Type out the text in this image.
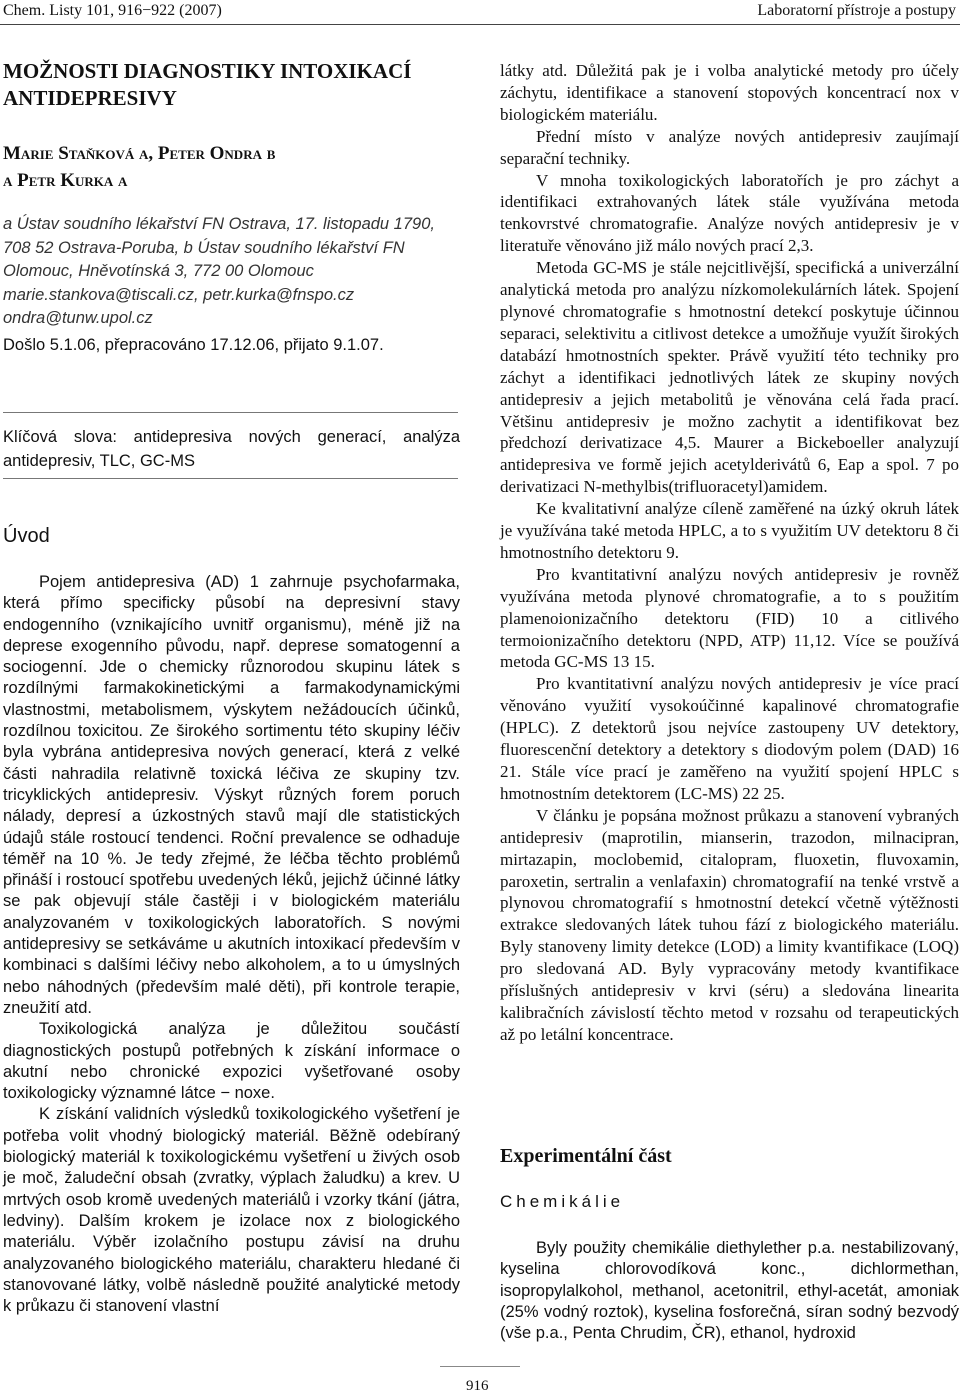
Chem. Listy 101, 916−922 (2007)	Laboratorní přístroje a postupy
MOŽNOSTI DIAGNOSTIKY INTOXIKACÍ ANTIDEPRESIVY
Marie Staňková a, Peter Ondra b
a Petr Kurka a
a Ústav soudního lékařství FN Ostrava, 17. listopadu 1790, 708 52 Ostrava-Poruba, b Ústav soudního lékařství FN Olomouc, Hněvotínská 3, 772 00 Olomouc marie.stankova@tiscali.cz, petr.kurka@fnspo.cz ondra@tunw.upol.cz
Došlo 5.1.06, přepracováno 17.12.06, přijato 9.1.07.
Klíčová slova: antidepresiva nových generací, analýza antidepresiv, TLC, GC-MS
Úvod

Pojem antidepresiva (AD) 1 zahrnuje psychofarmaka, která přímo specificky působí na depresivní stavy endogenního (vznikajícího uvnitř organismu), méně již na deprese exogenního původu, např. deprese somatogenní a sociogenní. Jde o chemicky různorodou skupinu látek s rozdílnými farmakokinetickými a farmakodynamickými vlastnostmi, metabolismem, výskytem nežádoucích účinků, rozdílnou toxicitou. Ze širokého sortimentu této skupiny léčiv byla vybrána antidepresiva nových generací, která z velké části nahradila relativně toxická léčiva ze skupiny tzv. tricyklických antidepresiv. Výskyt různých forem poruch nálady, depresí a úzkostných stavů mají dle statistických údajů stále rostoucí tendenci. Roční prevalence se odhaduje téměř na 10 %. Je tedy zřejmé, že léčba těchto problémů přináší i rostoucí spotřebu uvedených léků, jejichž účinné látky se pak objevují stále častěji i v biologickém materiálu analyzovaném v toxikologických laboratořích. S novými antidepresivy se setkáváme u akutních intoxikací především v kombinaci s dalšími léčivy nebo alkoholem, a to u úmyslných nebo náhodných (především malé děti), při kontrole terapie, zneužití atd.

Toxikologická analýza je důležitou součástí diagnostických postupů potřebných k získání informace o akutní nebo chronické expozici vyšetřované osoby toxikologicky významné látce − noxe.

K získání validních výsledků toxikologického vyšetření je potřeba volit vhodný biologický materiál. Běžně odebíraný biologický materiál k toxikologickému vyšetření u živých osob je moč, žaludeční obsah (zvratky, výplach žaludku) a krev. U mrtvých osob kromě uvedených materiálů i vzorky tkání (játra, ledviny). Dalším krokem je izolace nox z biologického materiálu. Výběr izolačního postupu závisí na druhu analyzovaného biologického materiálu, charakteru hledané či stanovované látky, volbě následně použité analytické metody k průkazu či stanovení vlastní

látky atd. Důležitá pak je i volba analytické metody pro účely záchytu, identifikace a stanovení stopových koncentrací nox v biologickém materiálu.

Přední místo v analýze nových antidepresiv zaujímají separační techniky.

V mnoha toxikologických laboratořích je pro záchyt a identifikaci extrahovaných látek stále využívána metoda tenkovrstvé chromatografie. Analýze nových antidepresiv je v literatuře věnováno již málo nových prací 2,3.

Metoda GC-MS je stále nejcitlivější, specifická a univerzální analytická metoda pro analýzu nízkomolekulárních látek. Spojení plynové chromatografie s hmotnostní detekcí poskytuje účinnou separaci, selektivitu a citlivost detekce a umožňuje využít širokých databází hmotnostních spekter. Právě využití této techniky pro záchyt a identifikaci jednotlivých látek ze skupiny nových antidepresiv a jejich metabolitů je věnována celá řada prací. Většinu antidepresiv je možno zachytit a identifikovat bez předchozí derivatizace 4,5. Maurer a Bickeboeller analyzují antidepresiva ve formě jejich acetylderivátů 6, Eap a spol. 7 po derivatizaci N-methylbis(trifluoracetyl)amidem.

Ke kvalitativní analýze cíleně zaměřené na úzký okruh látek je využívána také metoda HPLC, a to s využitím UV detektoru 8 či hmotnostního detektoru 9.

Pro kvantitativní analýzu nových antidepresiv je rovněž využívána metoda plynové chromatografie, a to s použitím plamenoionizačního detektoru (FID) 10 a citlivého termoionizačního detektoru (NPD, ATP) 11,12. Více se používá metoda GC-MS 13 15.

Pro kvantitativní analýzu nových antidepresiv je více prací věnováno využití vysokoúčinné kapalinové chromatografie (HPLC). Z detektorů jsou nejvíce zastoupeny UV detektory, fluorescenční detektory a detektory s diodovým polem (DAD) 16 21. Stále více prací je zaměřeno na využití spojení HPLC s hmotnostním detektorem (LC-MS) 22 25.

V článku je popsána možnost průkazu a stanovení vybraných antidepresiv (maprotilin, mianserin, trazodon, milnacipran, mirtazapin, moclobemid, citalopram, fluoxetin, fluvoxamin, paroxetin, sertralin a venlafaxin) chromatografií na tenké vrstvě a plynovou chromatografií s hmotnostní detekcí včetně výtěžnosti extrakce sledovaných látek tuhou fází z biologického materiálu. Byly stanoveny limity detekce (LOD) a limity kvantifikace (LOQ) pro sledovaná AD. Byly vypracovány metody kvantifikace příslušných antidepresiv v krvi (séru) a sledována linearita kalibračních závislostí těchto metod v rozsahu od terapeutických až po letální koncentrace.

Experimentální část
Chemikálie

Byly použity chemikálie diethylether p.a. nestabilizovaný, kyselina chlorovodíková konc., dichlormethan, isopropylalkohol, methanol, acetonitril, ethyl-acetát, amoniak (25% vodný roztok), kyselina fosforečná, síran sodný bezvodý (vše p.a., Penta Chrudim, ČR), ethanol, hydroxid

916
